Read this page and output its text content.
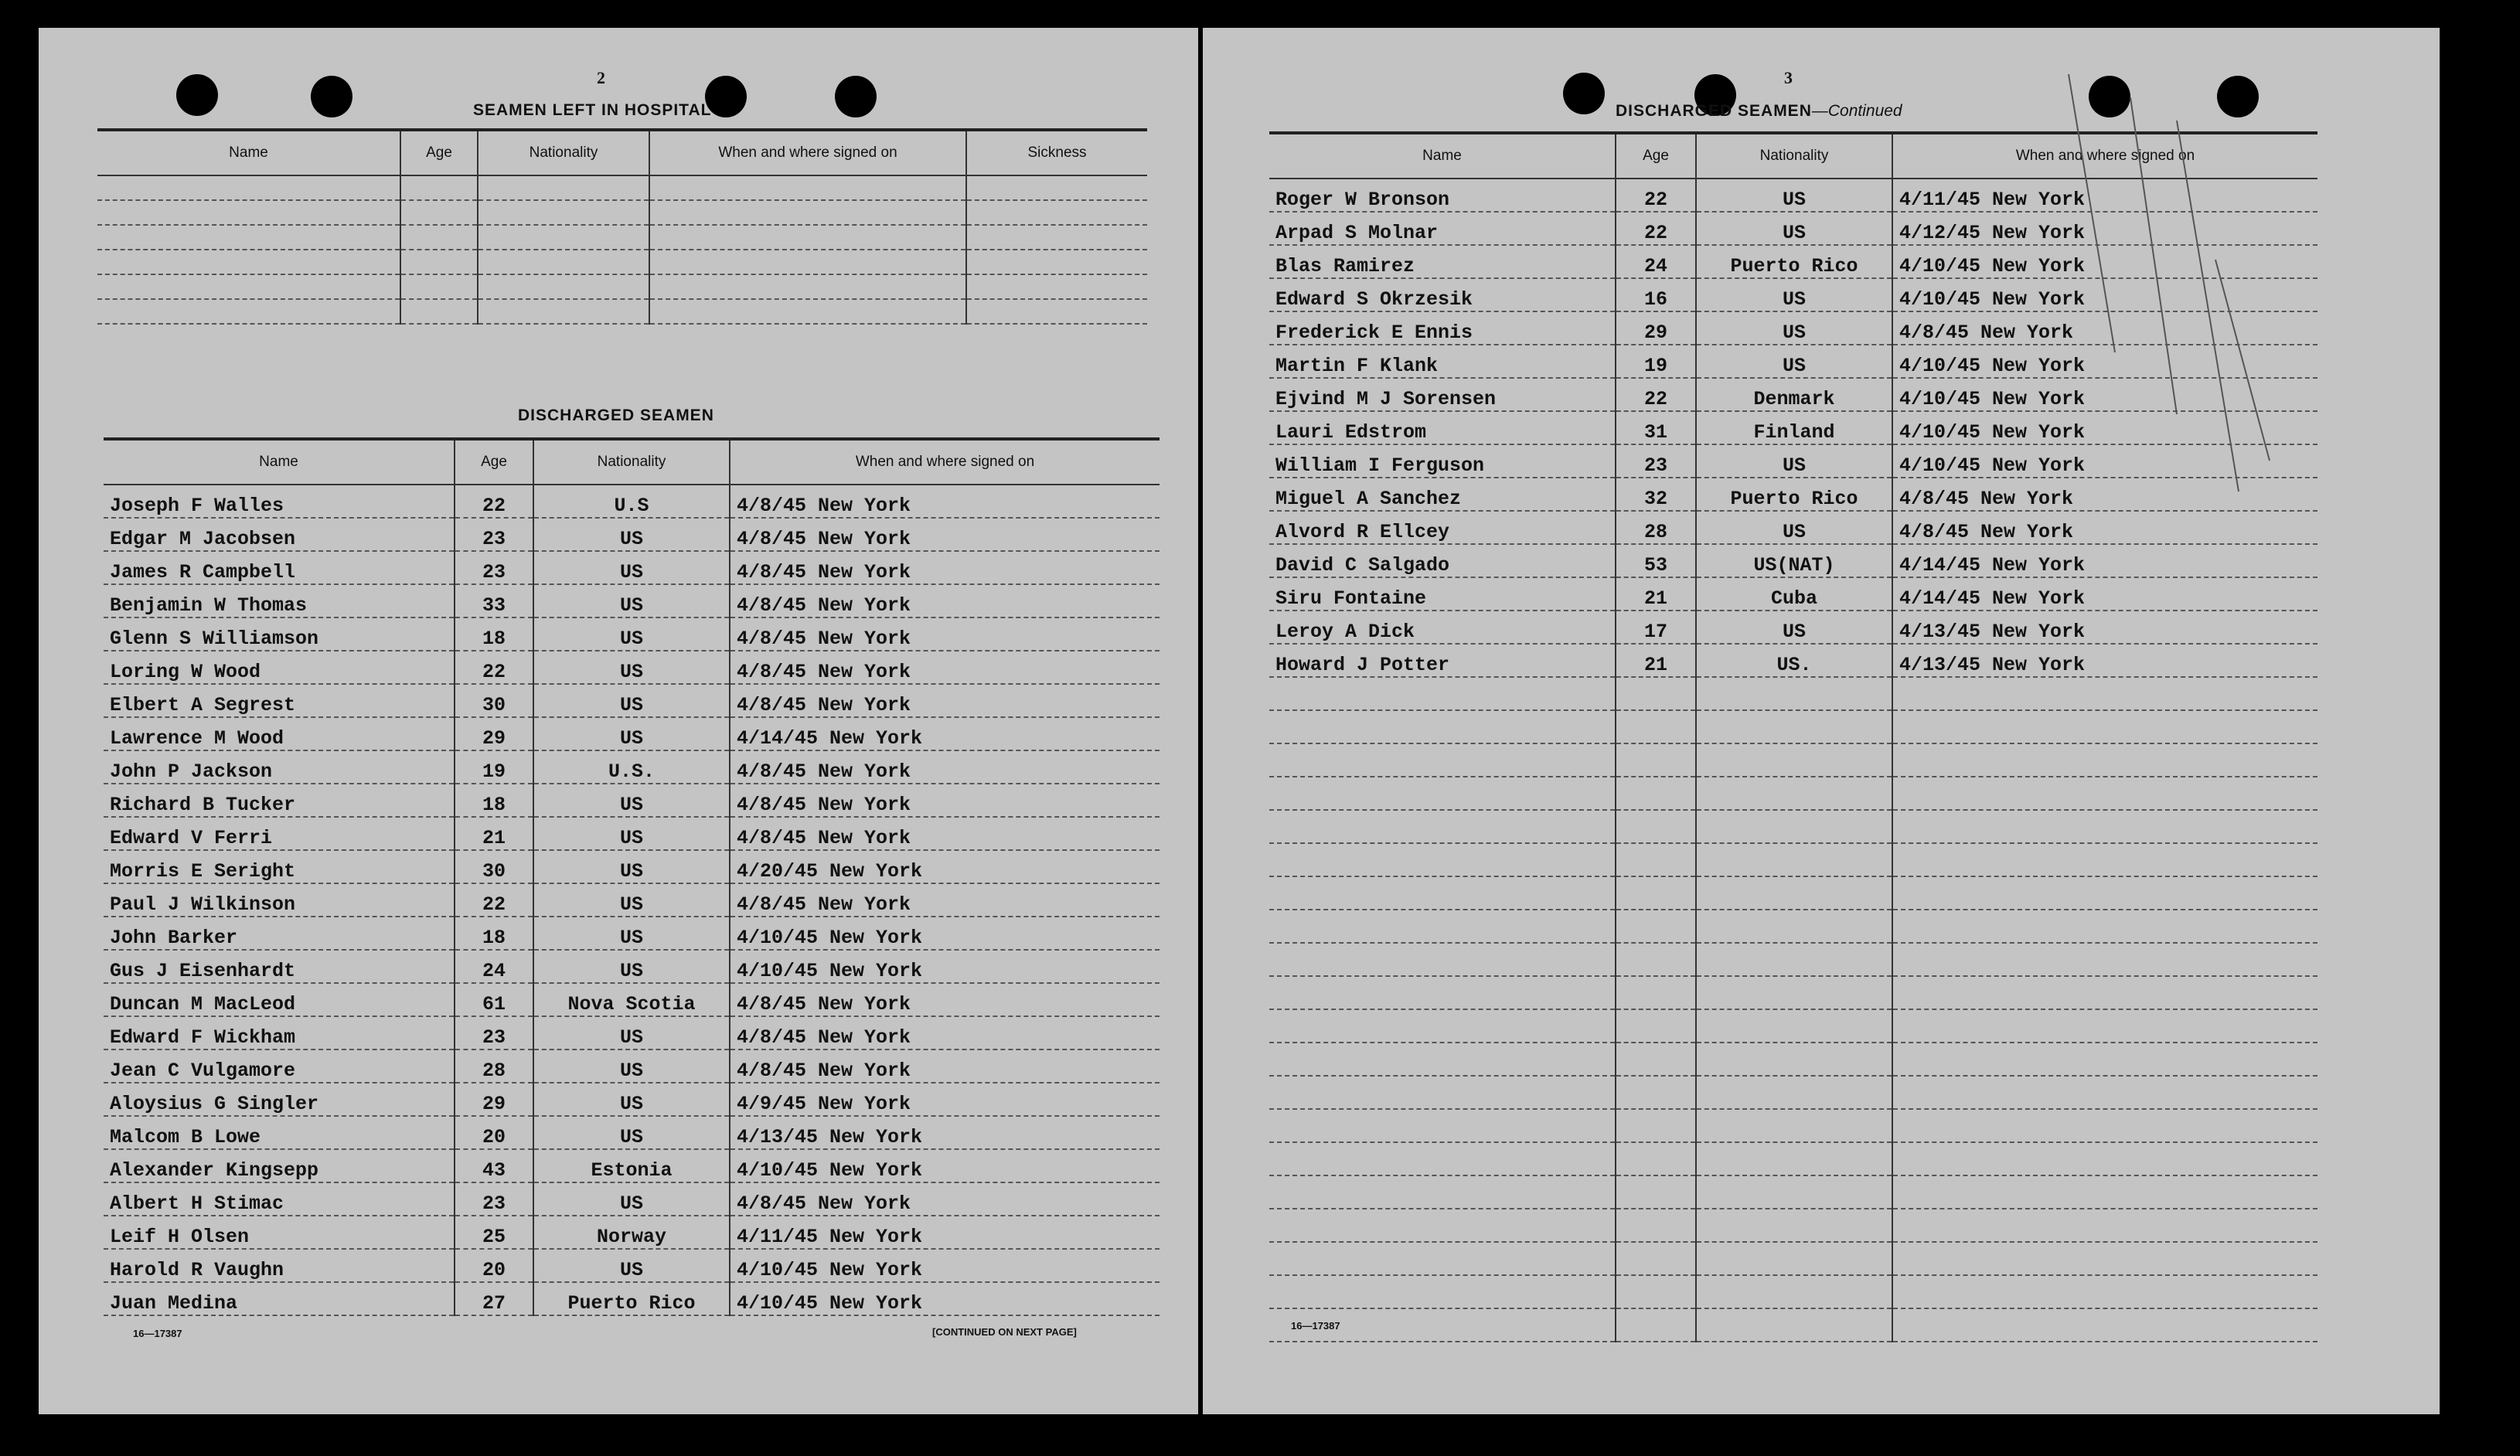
2
SEAMEN LEFT IN HOSPITAL
Name	Age	Nationality	When and where signed on	Sickness

DISCHARGED SEAMEN
Name	Age	Nationality	When and where signed on
Joseph F Walles	22	U.S	4/8/45 New York
Edgar M Jacobsen	23	US	4/8/45 New York
James R Campbell	23	US	4/8/45 New York
Benjamin W Thomas	33	US	4/8/45 New York
Glenn S Williamson	18	US	4/8/45 New York
Loring W Wood	22	US	4/8/45 New York
Elbert A Segrest	30	US	4/8/45 New York
Lawrence M Wood	29	US	4/14/45 New York
John P Jackson	19	U.S.	4/8/45 New York
Richard B Tucker	18	US	4/8/45 New York
Edward V Ferri	21	US	4/8/45 New York
Morris E Seright	30	US	4/20/45 New York
Paul J Wilkinson	22	US	4/8/45 New York
John Barker	18	US	4/10/45 New York
Gus J Eisenhardt	24	US	4/10/45 New York
Duncan M MacLeod	61	Nova Scotia	4/8/45 New York
Edward F Wickham	23	US	4/8/45 New York
Jean C Vulgamore	28	US	4/8/45 New York
Aloysius G Singler	29	US	4/9/45 New York
Malcom B Lowe	20	US	4/13/45 New York
Alexander Kingsepp	43	Estonia	4/10/45 New York
Albert H Stimac	23	US	4/8/45 New York
Leif H Olsen	25	Norway	4/11/45 New York
Harold R Vaughn	20	US	4/10/45 New York
Juan Medina	27	Puerto Rico	4/10/45 New York
16—17387	[CONTINUED ON NEXT PAGE]
3
DISCHARGED SEAMEN—Continued
Name	Age	Nationality	When and where signed on
Roger W Bronson	22	US	4/11/45 New York
Arpad S Molnar	22	US	4/12/45 New York
Blas Ramirez	24	Puerto Rico	4/10/45 New York
Edward S Okrzesik	16	US	4/10/45 New York
Frederick E Ennis	29	US	4/8/45 New York
Martin F Klank	19	US	4/10/45 New York
Ejvind M J Sorensen	22	Denmark	4/10/45 New York
Lauri Edstrom	31	Finland	4/10/45 New York
William I Ferguson	23	US	4/10/45 New York
Miguel A Sanchez	32	Puerto Rico	4/8/45 New York
Alvord R Ellcey	28	US	4/8/45 New York
David C Salgado	53	US(NAT)	4/14/45 New York
Siru Fontaine	21	Cuba	4/14/45 New York
Leroy A Dick	17	US	4/13/45 New York
Howard J Potter	21	US.	4/13/45 New York

16—17387
